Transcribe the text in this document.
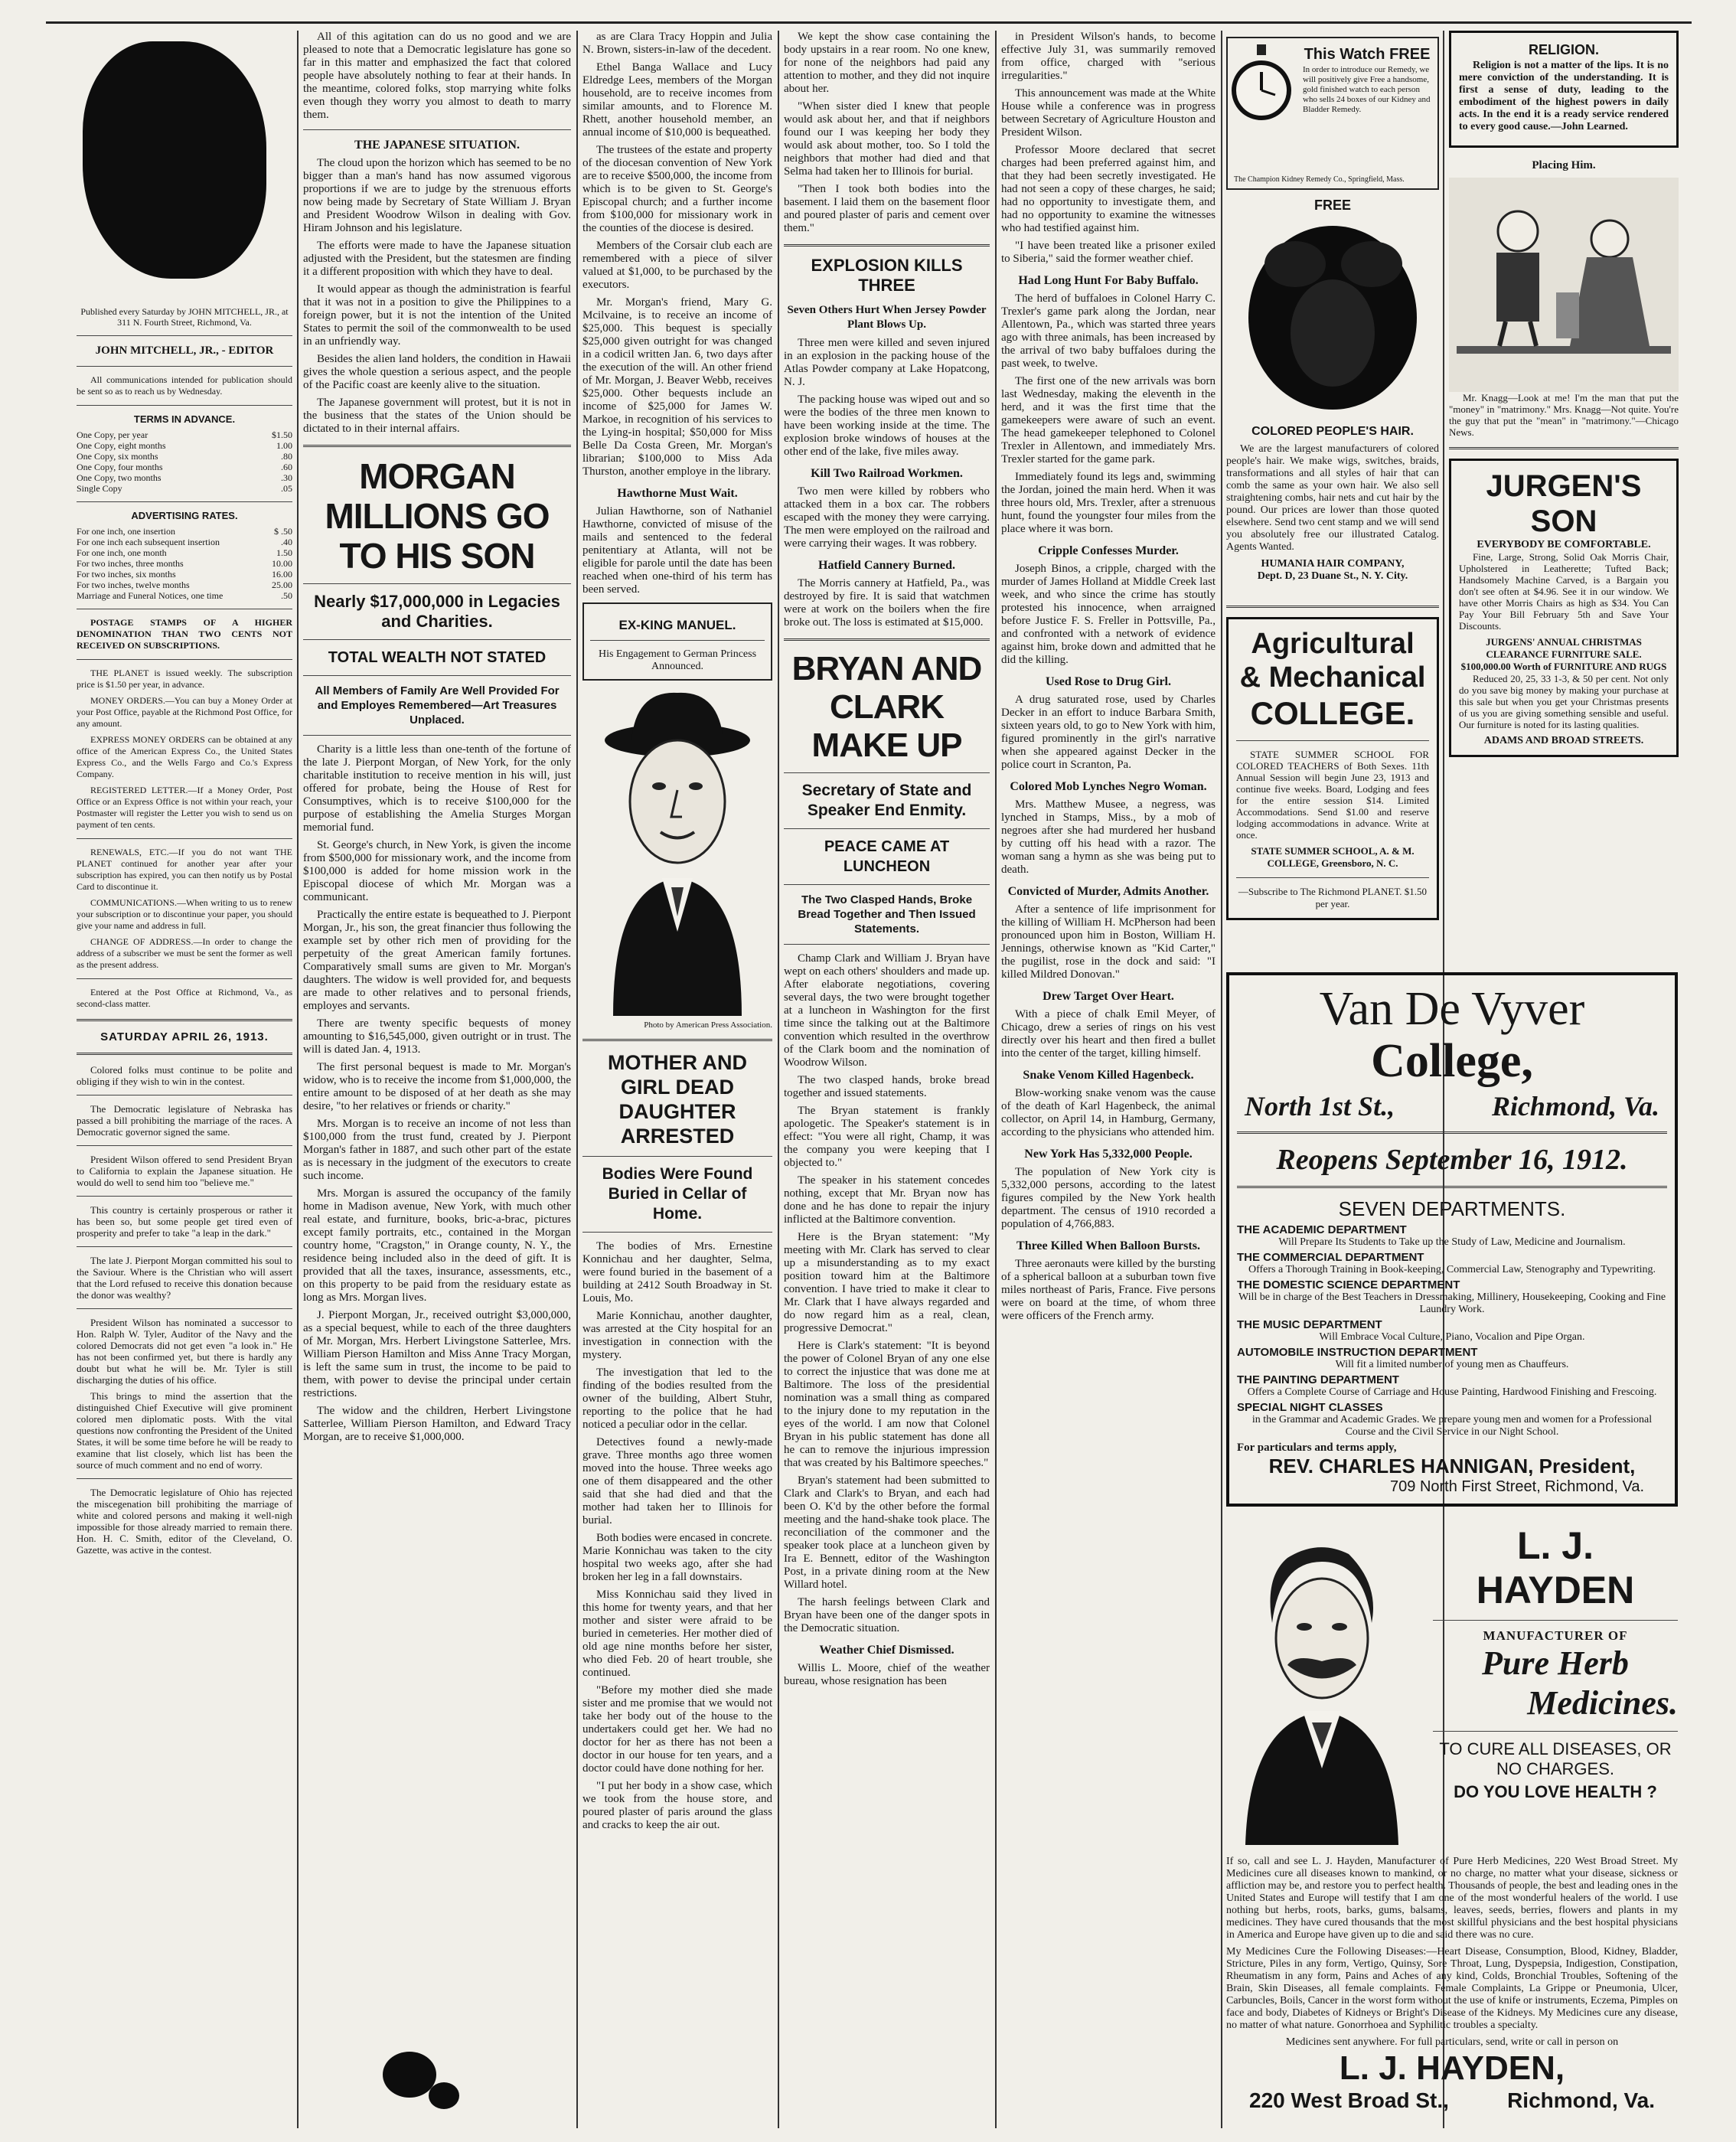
Published every Saturday by JOHN MITCHELL, JR., at 311 N. Fourth Street, Richmond, Va.

JOHN MITCHELL, JR., - EDITOR

All communications intended for publication should be sent so as to reach us by Wednesday.

TERMS IN ADVANCE.
One Copy, per year	$1.50
One Copy, eight months	1.00
One Copy, six months	.80
One Copy, four months	.60
One Copy, two months	.30
Single Copy	.05
ADVERTISING RATES.
For one inch, one insertion	$ .50
For one inch each subsequent insertion	.40
For one inch, one month	1.50
For two inches, three months	10.00
For two inches, six months	16.00
For two inches, twelve months	25.00
Marriage and Funeral Notices, one time	.50

POSTAGE STAMPS OF A HIGHER DENOMINATION THAN TWO CENTS NOT RECEIVED ON SUBSCRIPTIONS.

THE PLANET is issued weekly. The subscription price is $1.50 per year, in advance.

MONEY ORDERS.—You can buy a Money Order at your Post Office, payable at the Richmond Post Office, for any amount.

EXPRESS MONEY ORDERS can be obtained at any office of the American Express Co., the United States Express Co., and the Wells Fargo and Co.'s Express Company.

REGISTERED LETTER.—If a Money Order, Post Office or an Express Office is not within your reach, your Postmaster will register the Letter you wish to send us on payment of ten cents.

RENEWALS, ETC.—If you do not want THE PLANET continued for another year after your subscription has expired, you can then notify us by Postal Card to discontinue it.

COMMUNICATIONS.—When writing to us to renew your subscription or to discontinue your paper, you should give your name and address in full.

CHANGE OF ADDRESS.—In order to change the address of a subscriber we must be sent the former as well as the present address.

Entered at the Post Office at Richmond, Va., as second-class matter.

SATURDAY APRIL 26, 1913.

Colored folks must continue to be polite and obliging if they wish to win in the contest.

The Democratic legislature of Nebraska has passed a bill prohibiting the marriage of the races. A Democratic governor signed the same.

President Wilson offered to send President Bryan to California to explain the Japanese situation. He would do well to send him too "believe me."

This country is certainly prosperous or rather it has been so, but some people get tired even of prosperity and prefer to take "a leap in the dark."

The late J. Pierpont Morgan committed his soul to the Saviour. Where is the Christian who will assert that the Lord refused to receive this donation because the donor was wealthy?

President Wilson has nominated a successor to Hon. Ralph W. Tyler, Auditor of the Navy and the colored Democrats did not get even "a look in." He has not been confirmed yet, but there is hardly any doubt but what he will be. Mr. Tyler is still discharging the duties of his office.

This brings to mind the assertion that the distinguished Chief Executive will give prominent colored men diplomatic posts. With the vital questions now confronting the President of the United States, it will be some time before he will be ready to examine that list closely, which list has been the source of much comment and no end of worry.

The Democratic legislature of Ohio has rejected the miscegenation bill prohibiting the marriage of white and colored persons and making it well-nigh impossible for those already married to remain there. Hon. H. C. Smith, editor of the Cleveland, O. Gazette, was active in the contest.

All of this agitation can do us no good and we are pleased to note that a Democratic legislature has gone so far in this matter and emphasized the fact that colored people have absolutely nothing to fear at their hands. In the meantime, colored folks, stop marrying white folks even though they worry you almost to death to marry them.

THE JAPANESE SITUATION.

The cloud upon the horizon which has seemed to be no bigger than a man's hand has now assumed vigorous proportions if we are to judge by the strenuous efforts now being made by Secretary of State William J. Bryan and President Woodrow Wilson in dealing with Gov. Hiram Johnson and his legislature.

The efforts were made to have the Japanese situation adjusted with the President, but the statesmen are finding it a different proposition with which they have to deal.

It would appear as though the administration is fearful that it was not in a position to give the Philippines to a foreign power, but it is not the intention of the United States to permit the soil of the commonwealth to be used in an unfriendly way.

Besides the alien land holders, the condition in Hawaii gives the whole question a serious aspect, and the people of the Pacific coast are keenly alive to the situation.

The Japanese government will protest, but it is not in the business that the states of the Union should be dictated to in their internal affairs.

MORGAN MILLIONS GO TO HIS SON
Nearly $17,000,000 in Legacies and Charities.
TOTAL WEALTH NOT STATED
All Members of Family Are Well Provided For and Employes Remembered—Art Treasures Unplaced.

Charity is a little less than one-tenth of the fortune of the late J. Pierpont Morgan, of New York, for the only charitable institution to receive mention in his will, just offered for probate, being the House of Rest for Consumptives, which is to receive $100,000 for the purpose of establishing the Amelia Sturges Morgan memorial fund.

St. George's church, in New York, is given the income from $500,000 for missionary work, and the income from $100,000 is added for home mission work in the Episcopal diocese of which Mr. Morgan was a communicant.

Practically the entire estate is bequeathed to J. Pierpont Morgan, Jr., his son, the great financier thus following the example set by other rich men of providing for the perpetuity of the great American family fortunes. Comparatively small sums are given to Mr. Morgan's daughters. The widow is well provided for, and bequests are made to other relatives and to personal friends, employes and servants.

There are twenty specific bequests of money amounting to $16,545,000, given outright or in trust. The will is dated Jan. 4, 1913.

The first personal bequest is made to Mr. Morgan's widow, who is to receive the income from $1,000,000, the entire amount to be disposed of at her death as she may desire, "to her relatives or friends or charity."

Mrs. Morgan is to receive an income of not less than $100,000 from the trust fund, created by J. Pierpont Morgan's father in 1887, and such other part of the estate as is necessary in the judgment of the executors to create such income.

Mrs. Morgan is assured the occupancy of the family home in Madison avenue, New York, with much other real estate, and furniture, books, bric-a-brac, pictures except family portraits, etc., contained in the Morgan country home, "Cragston," in Orange county, N. Y., the residence being included also in the deed of gift. It is provided that all the taxes, insurance, assessments, etc., on this property to be paid from the residuary estate as long as Mrs. Morgan lives.

J. Pierpont Morgan, Jr., received outright $3,000,000, as a special bequest, while to each of the three daughters of Mr. Morgan, Mrs. Herbert Livingstone Satterlee, Mrs. William Pierson Hamilton and Miss Anne Tracy Morgan, is left the same sum in trust, the income to be paid to them, with power to devise the principal under certain restrictions.

The widow and the children, Herbert Livingstone Satterlee, William Pierson Hamilton, and Edward Tracy Morgan, are to receive $1,000,000.

as are Clara Tracy Hoppin and Julia N. Brown, sisters-in-law of the decedent.

Ethel Banga Wallace and Lucy Eldredge Lees, members of the Morgan household, are to receive incomes from similar amounts, and to Florence M. Rhett, another household member, an annual income of $10,000 is bequeathed.

The trustees of the estate and property of the diocesan convention of New York are to receive $500,000, the income from which is to be given to St. George's Episcopal church; and a further income from $100,000 for missionary work in the counties of the diocese is desired.

Members of the Corsair club each are remembered with a piece of silver valued at $1,000, to be purchased by the executors.

Mr. Morgan's friend, Mary G. Mcilvaine, is to receive an income of $25,000. This bequest is specially $25,000 given outright for was changed in a codicil written Jan. 6, two days after the execution of the will. An other friend of Mr. Morgan, J. Beaver Webb, receives $25,000. Other bequests include an income of $25,000 for James W. Markoe, in recognition of his services to the Lying-in hospital; $50,000 for Miss Belle Da Costa Green, Mr. Morgan's librarian; $100,000 to Miss Ada Thurston, another employe in the library.

Hawthorne Must Wait.

Julian Hawthorne, son of Nathaniel Hawthorne, convicted of misuse of the mails and sentenced to the federal penitentiary at Atlanta, will not be eligible for parole until the date has been reached when one-third of his term has been served.

EX-KING MANUEL.
His Engagement to German Princess Announced.
Photo by American Press Association.
MOTHER AND GIRL DEAD DAUGHTER ARRESTED
Bodies Were Found Buried in Cellar of Home.

The bodies of Mrs. Ernestine Konnichau and her daughter, Selma, were found buried in the basement of a building at 2412 South Broadway in St. Louis, Mo.

Marie Konnichau, another daughter, was arrested at the City hospital for an investigation in connection with the mystery.

The investigation that led to the finding of the bodies resulted from the owner of the building, Albert Stuhr, reporting to the police that he had noticed a peculiar odor in the cellar.

Detectives found a newly-made grave. Three months ago three women moved into the house. Three weeks ago one of them disappeared and the other said that she had died and that the mother had taken her to Illinois for burial.

Both bodies were encased in concrete. Marie Konnichau was taken to the city hospital two weeks ago, after she had broken her leg in a fall downstairs.

Miss Konnichau said they lived in this home for twenty years, and that her mother and sister were afraid to be buried in cemeteries. Her mother died of old age nine months before her sister, who died Feb. 20 of heart trouble, she continued.

"Before my mother died she made sister and me promise that we would not take her body out of the house to the undertakers could get her. We had no doctor for her as there has not been a doctor in our house for ten years, and a doctor could have done nothing for her.

"I put her body in a show case, which we took from the house store, and poured plaster of paris around the glass and cracks to keep the air out.

We kept the show case containing the body upstairs in a rear room. No one knew, for none of the neighbors had paid any attention to mother, and they did not inquire about her.

"When sister died I knew that people would ask about her, and that if neighbors found our I was keeping her body they would ask about mother, too. So I told the neighbors that mother had died and that Selma had taken her to Illinois for burial.

"Then I took both bodies into the basement. I laid them on the basement floor and poured plaster of paris and cement over them."

EXPLOSION KILLS THREE
Seven Others Hurt When Jersey Powder Plant Blows Up.

Three men were killed and seven injured in an explosion in the packing house of the Atlas Powder company at Lake Hopatcong, N. J.

The packing house was wiped out and so were the bodies of the three men known to have been working inside at the time. The explosion broke windows of houses at the other end of the lake, five miles away.

Kill Two Railroad Workmen.

Two men were killed by robbers who attacked them in a box car. The robbers escaped with the money they were carrying. The men were employed on the railroad and were carrying their wages. It was robbery.

Hatfield Cannery Burned.

The Morris cannery at Hatfield, Pa., was destroyed by fire. It is said that watchmen were at work on the boilers when the fire broke out. The loss is estimated at $15,000.

BRYAN AND CLARK MAKE UP
Secretary of State and Speaker End Enmity.
PEACE CAME AT LUNCHEON
The Two Clasped Hands, Broke Bread Together and Then Issued Statements.

Champ Clark and William J. Bryan have wept on each others' shoulders and made up. After elaborate negotiations, covering several days, the two were brought together at a luncheon in Washington for the first time since the talking out at the Baltimore convention which resulted in the overthrow of the Clark boom and the nomination of Woodrow Wilson.

The two clasped hands, broke bread together and issued statements.

The Bryan statement is frankly apologetic. The Speaker's statement is in effect: "You were all right, Champ, it was the company you were keeping that I objected to."

The speaker in his statement concedes nothing, except that Mr. Bryan now has done and he has done to repair the injury inflicted at the Baltimore convention.

Here is the Bryan statement: "My meeting with Mr. Clark has served to clear up a misunderstanding as to my exact position toward him at the Baltimore convention. I have tried to make it clear to Mr. Clark that I have always regarded and do now regard him as a real, clean, progressive Democrat."

Here is Clark's statement: "It is beyond the power of Colonel Bryan of any one else to correct the injustice that was done me at Baltimore. The loss of the presidential nomination was a small thing as compared to the injury done to my reputation in the eyes of the world. I am now that Colonel Bryan in his public statement has done all he can to remove the injurious impression that was created by his Baltimore speeches."

Bryan's statement had been submitted to Clark and Clark's to Bryan, and each had been O. K'd by the other before the formal meeting and the hand-shake took place. The reconciliation of the commoner and the speaker took place at a luncheon given by Ira E. Bennett, editor of the Washington Post, in a private dining room at the New Willard hotel.

The harsh feelings between Clark and Bryan have been one of the danger spots in the Democratic situation.

Weather Chief Dismissed.

Willis L. Moore, chief of the weather bureau, whose resignation has been

in President Wilson's hands, to become effective July 31, was summarily removed from office, charged with "serious irregularities."

This announcement was made at the White House while a conference was in progress between Secretary of Agriculture Houston and President Wilson.

Professor Moore declared that secret charges had been preferred against him, and that they had been secretly investigated. He had not seen a copy of these charges, he said; had no opportunity to investigate them, and had no opportunity to examine the witnesses who had testified against him.

"I have been treated like a prisoner exiled to Siberia," said the former weather chief.

Had Long Hunt For Baby Buffalo.

The herd of buffaloes in Colonel Harry C. Trexler's game park along the Jordan, near Allentown, Pa., which was started three years ago with three animals, has been increased by the arrival of two baby buffaloes during the past week, to twelve.

The first one of the new arrivals was born last Wednesday, making the eleventh in the herd, and it was the first time that the gamekeepers were aware of such an event. The head gamekeeper telephoned to Colonel Trexler in Allentown, and immediately Mrs. Trexler started for the game park.

Immediately found its legs and, swimming the Jordan, joined the main herd. When it was three hours old, Mrs. Trexler, after a strenuous hunt, found the youngster four miles from the place where it was born.

Cripple Confesses Murder.

Joseph Binos, a cripple, charged with the murder of James Holland at Middle Creek last week, and who since the crime has stoutly protested his innocence, when arraigned before Justice F. S. Freller in Pottsville, Pa., and confronted with a network of evidence against him, broke down and admitted that he did the killing.

Used Rose to Drug Girl.

A drug saturated rose, used by Charles Decker in an effort to induce Barbara Smith, sixteen years old, to go to New York with him, figured prominently in the girl's narrative when she appeared against Decker in the police court in Scranton, Pa.

Colored Mob Lynches Negro Woman.

Mrs. Matthew Musee, a negress, was lynched in Stamps, Miss., by a mob of negroes after she had murdered her husband by cutting off his head with a razor. The woman sang a hymn as she was being put to death.

Convicted of Murder, Admits Another.

After a sentence of life imprisonment for the killing of William H. McPherson had been pronounced upon him in Boston, William H. Jennings, otherwise known as "Kid Carter," the pugilist, rose in the dock and said: "I killed Mildred Donovan."

Drew Target Over Heart.

With a piece of chalk Emil Meyer, of Chicago, drew a series of rings on his vest directly over his heart and then fired a bullet into the center of the target, killing himself.

Snake Venom Killed Hagenbeck.

Blow-working snake venom was the cause of the death of Karl Hagenbeck, the animal collector, on April 14, in Hamburg, Germany, according to the physicians who attended him.

New York Has 5,332,000 People.

The population of New York city is 5,332,000 persons, according to the latest figures compiled by the New York health department. The census of 1910 recorded a population of 4,766,883.

Three Killed When Balloon Bursts.

Three aeronauts were killed by the bursting of a spherical balloon at a suburban town five miles northeast of Paris, France. Five persons were on board at the time, of whom three were officers of the French army.

This Watch FREE
In order to introduce our Remedy, we will positively give Free a handsome, gold finished watch to each person who sells 24 boxes of our Kidney and Bladder Remedy.
The Champion Kidney Remedy Co., Springfield, Mass.
FREE
COLORED PEOPLE'S HAIR.

We are the largest manufacturers of colored people's hair. We make wigs, switches, braids, transformations and all styles of hair that can comb the same as your own hair. We also sell straightening combs, hair nets and cut hair by the pound. Our prices are lower than those quoted elsewhere. Send two cent stamp and we will send you absolutely free our illustrated Catalog. Agents Wanted.

HUMANIA HAIR COMPANY,
Dept. D, 23 Duane St., N. Y. City.
Agricultural
& Mechanical
COLLEGE.

STATE SUMMER SCHOOL FOR COLORED TEACHERS of Both Sexes. 11th Annual Session will begin June 23, 1913 and continue five weeks. Board, Lodging and fees for the entire session $14. Limited Accommodations. Send $1.00 and reserve lodging accommodations in advance. Write at once.

STATE SUMMER SCHOOL, A. & M. COLLEGE, Greensboro, N. C.
—Subscribe to The Richmond PLANET. $1.50 per year.
RELIGION.

Religion is not a matter of the lips. It is no mere conviction of the understanding. It is first a sense of duty, leading to the embodiment of the highest powers in daily acts. In the end it is a ready service rendered to every good cause.—John Learned.

Placing Him.

Mr. Knagg—Look at me! I'm the man that put the "money" in "matrimony." Mrs. Knagg—Not quite. You're the guy that put the "mean" in "matrimony."—Chicago News.

JURGEN'S SON
EVERYBODY BE COMFORTABLE.

Fine, Large, Strong, Solid Oak Morris Chair, Upholstered in Leatherette; Tufted Back; Handsomely Machine Carved, is a Bargain you don't see often at $4.96. See it in our window. We have other Morris Chairs as high as $34. You Can Pay Your Bill February 5th and Save Your Discounts.

JURGENS' ANNUAL CHRISTMAS CLEARANCE FURNITURE SALE.
$100,000.00 Worth of FURNITURE AND RUGS

Reduced 20, 25, 33 1-3, & 50 per cent. Not only do you save big money by making your purchase at this sale but when you get your Christmas presents of us you are giving something sensible and useful. Our furniture is noted for its lasting qualities.

ADAMS AND BROAD STREETS.
Van De Vyver
College,
North 1st St.,	Richmond, Va.
Reopens September 16, 1912.
SEVEN DEPARTMENTS.
THE ACADEMIC DEPARTMENT
Will Prepare Its Students to Take up the Study of Law, Medicine and Journalism.
THE COMMERCIAL DEPARTMENT
Offers a Thorough Training in Book-keeping, Commercial Law, Stenography and Typewriting.
THE DOMESTIC SCIENCE DEPARTMENT
Will be in charge of the Best Teachers in Dressmaking, Millinery, Housekeeping, Cooking and Fine Laundry Work.
THE MUSIC DEPARTMENT
Will Embrace Vocal Culture, Piano, Vocalion and Pipe Organ.
AUTOMOBILE INSTRUCTION DEPARTMENT
Will fit a limited number of young men as Chauffeurs.
THE PAINTING DEPARTMENT
Offers a Complete Course of Carriage and House Painting, Hardwood Finishing and Frescoing.
SPECIAL NIGHT CLASSES
in the Grammar and Academic Grades. We prepare young men and women for a Professional Course and the Civil Service in our Night School.
For particulars and terms apply,
REV. CHARLES HANNIGAN, President,
709 North First Street, Richmond, Va.
L. J. HAYDEN
MANUFACTURER OF
Pure Herb
Medicines.
TO CURE ALL DISEASES, OR NO CHARGES.
DO YOU LOVE HEALTH ?
If so, call and see L. J. Hayden, Manufacturer of Pure Herb Medicines, 220 West Broad Street. My Medicines cure all diseases known to mankind, or no charge, no matter what your disease, sickness or affliction may be, and restore you to perfect health. Thousands of people, the best and leading ones in the United States and Europe will testify that I am one of the most wonderful healers of the world. I use nothing but herbs, roots, barks, gums, balsams, leaves, seeds, berries, flowers and plants in my medicines. They have cured thousands that the most skillful physicians and the best hospital physicians in America and Europe have given up to die and said there was no cure.
My Medicines Cure the Following Diseases:—Heart Disease, Consumption, Blood, Kidney, Bladder, Stricture, Piles in any form, Vertigo, Quinsy, Sore Throat, Lung, Dyspepsia, Indigestion, Constipation, Rheumatism in any form, Pains and Aches of any kind, Colds, Bronchial Troubles, Softening of the Brain, Skin Diseases, all female complaints. Female Complaints, La Grippe or Pneumonia, Ulcer, Carbuncles, Boils, Cancer in the worst form without the use of knife or instruments, Eczema, Pimples on face and body, Diabetes of Kidneys or Bright's Disease of the Kidneys. My Medicines cure any disease, no matter of what nature. Gonorrhoea and Syphilitic troubles a specialty.
Medicines sent anywhere. For full particulars, send, write or call in person on
L. J. HAYDEN,
220 West Broad St.,	Richmond, Va.
